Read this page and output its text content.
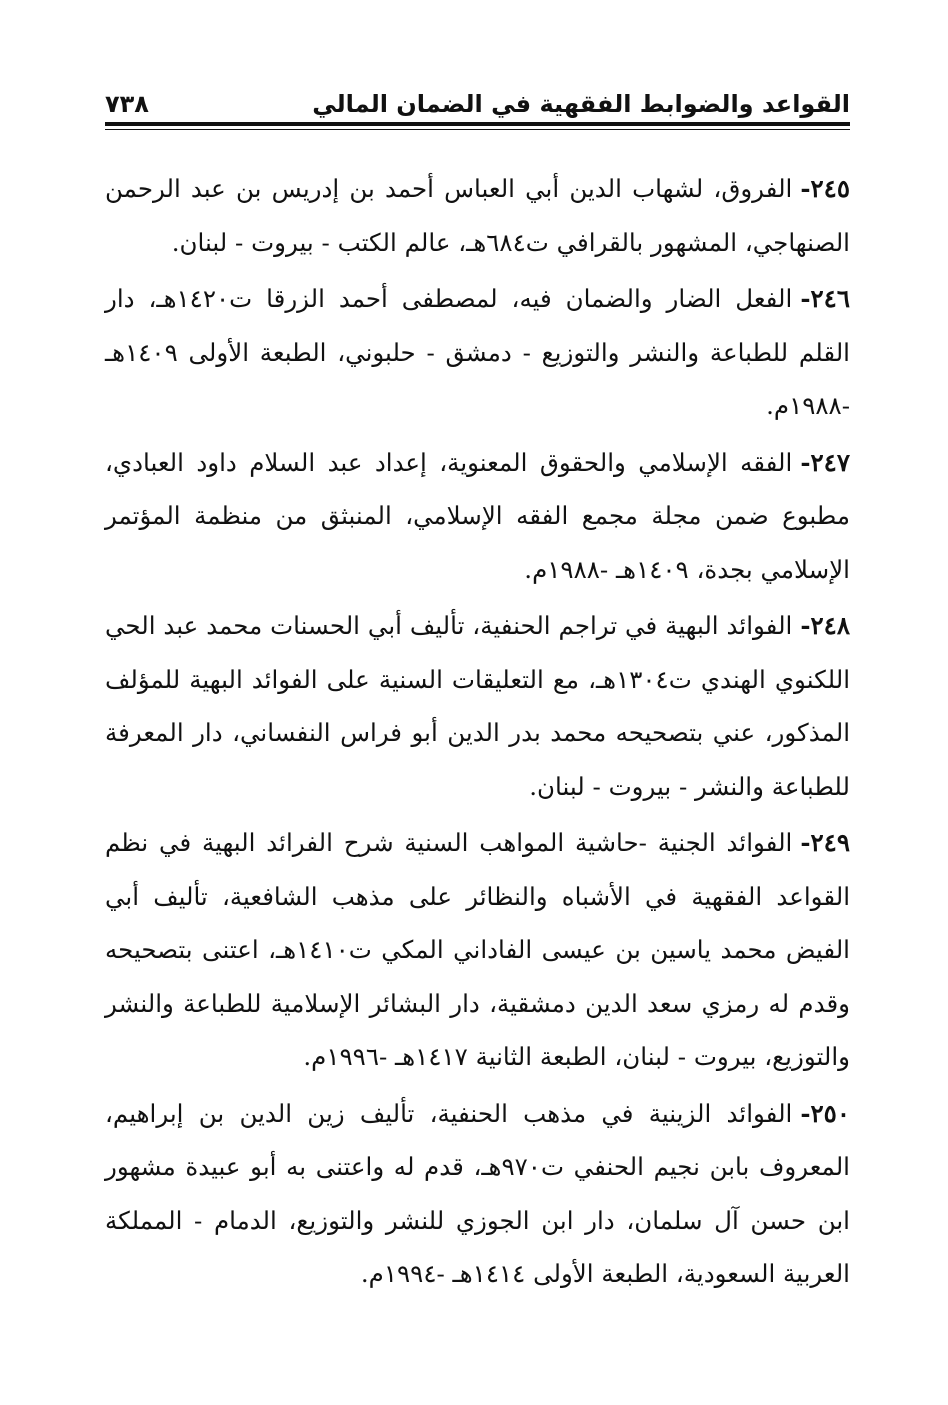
القواعد والضوابط الفقهية في الضمان المالي
٧٣٨
٢٤٥-الفروق، لشهاب الدين أبي العباس أحمد بن إدريس بن عبد الرحمن الصنهاجي، المشهور بالقرافي ت٦٨٤هـ، عالم الكتب - بيروت - لبنان.
٢٤٦-الفعل الضار والضمان فيه، لمصطفى أحمد الزرقا ت١٤٢٠هـ، دار القلم للطباعة والنشر والتوزيع - دمشق - حلبوني، الطبعة الأولى ١٤٠٩هـ -١٩٨٨م.
٢٤٧-الفقه الإسلامي والحقوق المعنوية، إعداد عبد السلام داود العبادي، مطبوع ضمن مجلة مجمع الفقه الإسلامي، المنبثق من منظمة المؤتمر الإسلامي بجدة، ١٤٠٩هـ -١٩٨٨م.
٢٤٨-الفوائد البهية في تراجم الحنفية، تأليف أبي الحسنات محمد عبد الحي اللكنوي الهندي ت١٣٠٤هـ، مع التعليقات السنية على الفوائد البهية للمؤلف المذكور، عني بتصحيحه محمد بدر الدين أبو فراس النفساني، دار المعرفة للطباعة والنشر - بيروت - لبنان.
٢٤٩-الفوائد الجنية -حاشية المواهب السنية شرح الفرائد البهية في نظم القواعد الفقهية في الأشباه والنظائر على مذهب الشافعية، تأليف أبي الفيض محمد ياسين بن عيسى الفاداني المكي ت١٤١٠هـ، اعتنى بتصحيحه وقدم له رمزي سعد الدين دمشقية، دار البشائر الإسلامية للطباعة والنشر والتوزيع، بيروت - لبنان، الطبعة الثانية ١٤١٧هـ -١٩٩٦م.
٢٥٠-الفوائد الزينية في مذهب الحنفية، تأليف زين الدين بن إبراهيم، المعروف بابن نجيم الحنفي ت٩٧٠هـ، قدم له واعتنى به أبو عبيدة مشهور ابن حسن آل سلمان، دار ابن الجوزي للنشر والتوزيع، الدمام - المملكة العربية السعودية، الطبعة الأولى ١٤١٤هـ -١٩٩٤م.
